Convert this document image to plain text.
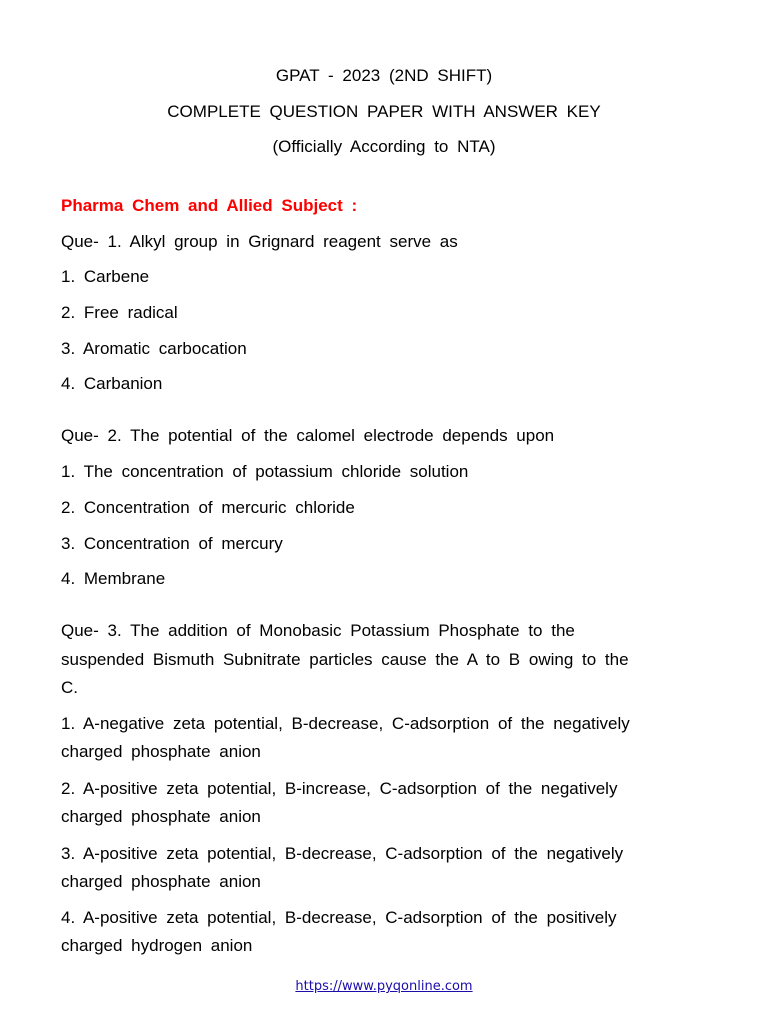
GPAT - 2023 (2ND SHIFT)
COMPLETE QUESTION PAPER WITH ANSWER KEY
(Officially According to NTA)
Pharma Chem and Allied Subject :
Que- 1. Alkyl group in Grignard reagent serve as
1. Carbene
2. Free radical
3. Aromatic carbocation
4. Carbanion
Que- 2. The potential of the calomel electrode depends upon
1. The concentration of potassium chloride solution
2. Concentration of mercuric chloride
3. Concentration of mercury
4. Membrane
Que- 3. The addition of Monobasic Potassium Phosphate to the
suspended Bismuth Subnitrate particles cause the A to B owing to the
C.
1. A-negative zeta potential, B-decrease, C-adsorption of the negatively
charged phosphate anion
2. A-positive zeta potential, B-increase, C-adsorption of the negatively
charged phosphate anion
3. A-positive zeta potential, B-decrease, C-adsorption of the negatively
charged phosphate anion
4. A-positive zeta potential, B-decrease, C-adsorption of the positively
charged hydrogen anion
https://www.pyqonline.com
